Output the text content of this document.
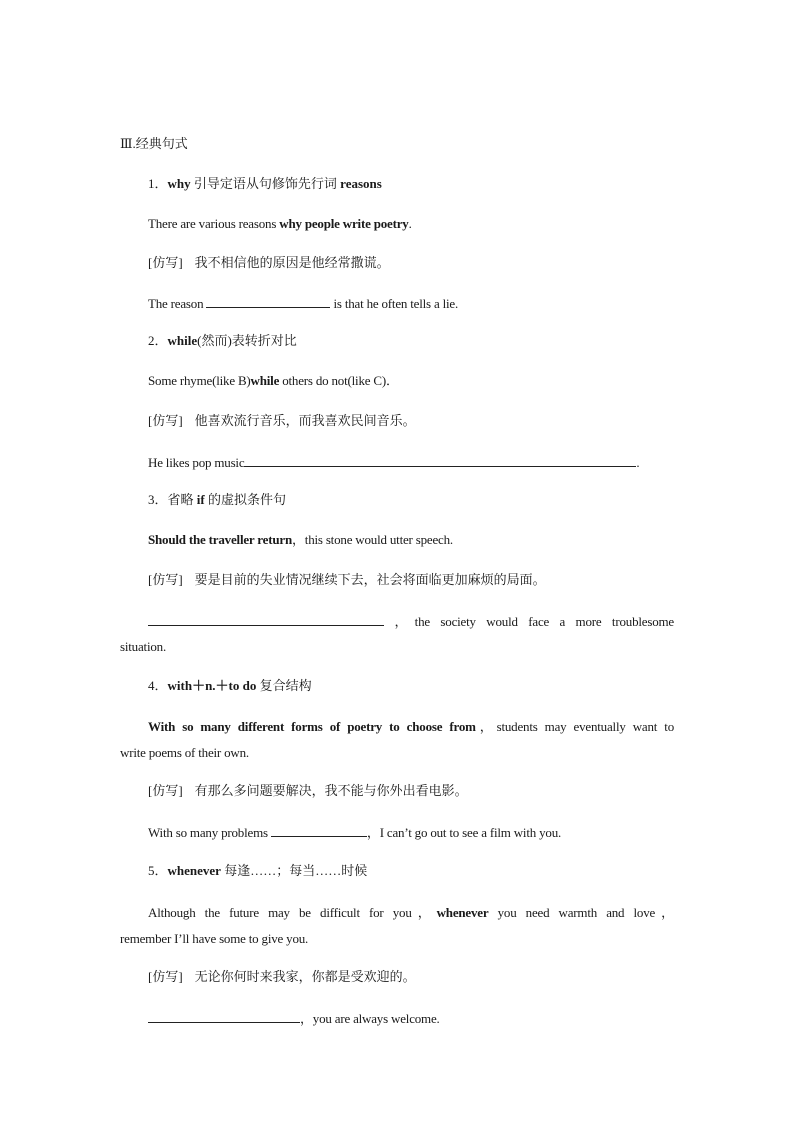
Ⅲ.经典句式
1．why 引导定语从句修饰先行词 reasons
There are various reasons why people write poetry.
[仿写] 我不相信他的原因是他经常撒谎。
The reason	is that he often tells a lie.
2．while(然而)表转折对比
Some rhyme(like B)while others do not(like C)．
[仿写] 他喜欢流行音乐，而我喜欢民间音乐。
He likes pop music	.
3．省略 if 的虚拟条件句
Should the traveller return，this stone would utter speech.
[仿写] 要是目前的失业情况继续下去，社会将面临更加麻烦的局面。
，the society would face a more troublesome
situation.
4．with＋n.＋to do 复合结构
With so many different forms of poetry to choose from，students may eventually want to
write poems of their own.
[仿写] 有那么多问题要解决，我不能与你外出看电影。
With so many problems	，I can’t go out to see a film with you.
5．whenever 每逢……；每当……时候
Although the future may be difficult for you，whenever you need warmth and love，
remember I’ll have some to give you.
[仿写] 无论你何时来我家，你都是受欢迎的。
，you are always welcome.
